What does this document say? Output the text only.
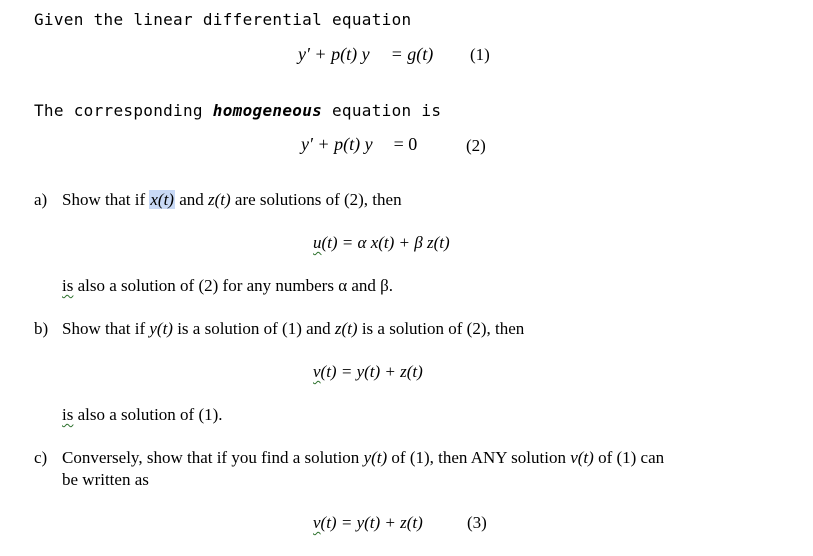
Given the linear differential equation
y′ + p(t) y = g(t) (1)
The corresponding homogeneous equation is
y′ + p(t) y = 0	(2)
a) Show that if x(t) and z(t) are solutions of (2), then
u(t) = α x(t) + β z(t)
is also a solution of (2) for any numbers α and β.
b) Show that if y(t) is a solution of (1) and z(t) is a solution of (2), then
v(t) = y(t) + z(t)
is also a solution of (1).
c) Conversely, show that if you find a solution y(t) of (1), then ANY solution v(t) of (1) can
be written as
v(t) = y(t) + z(t)	(3)
